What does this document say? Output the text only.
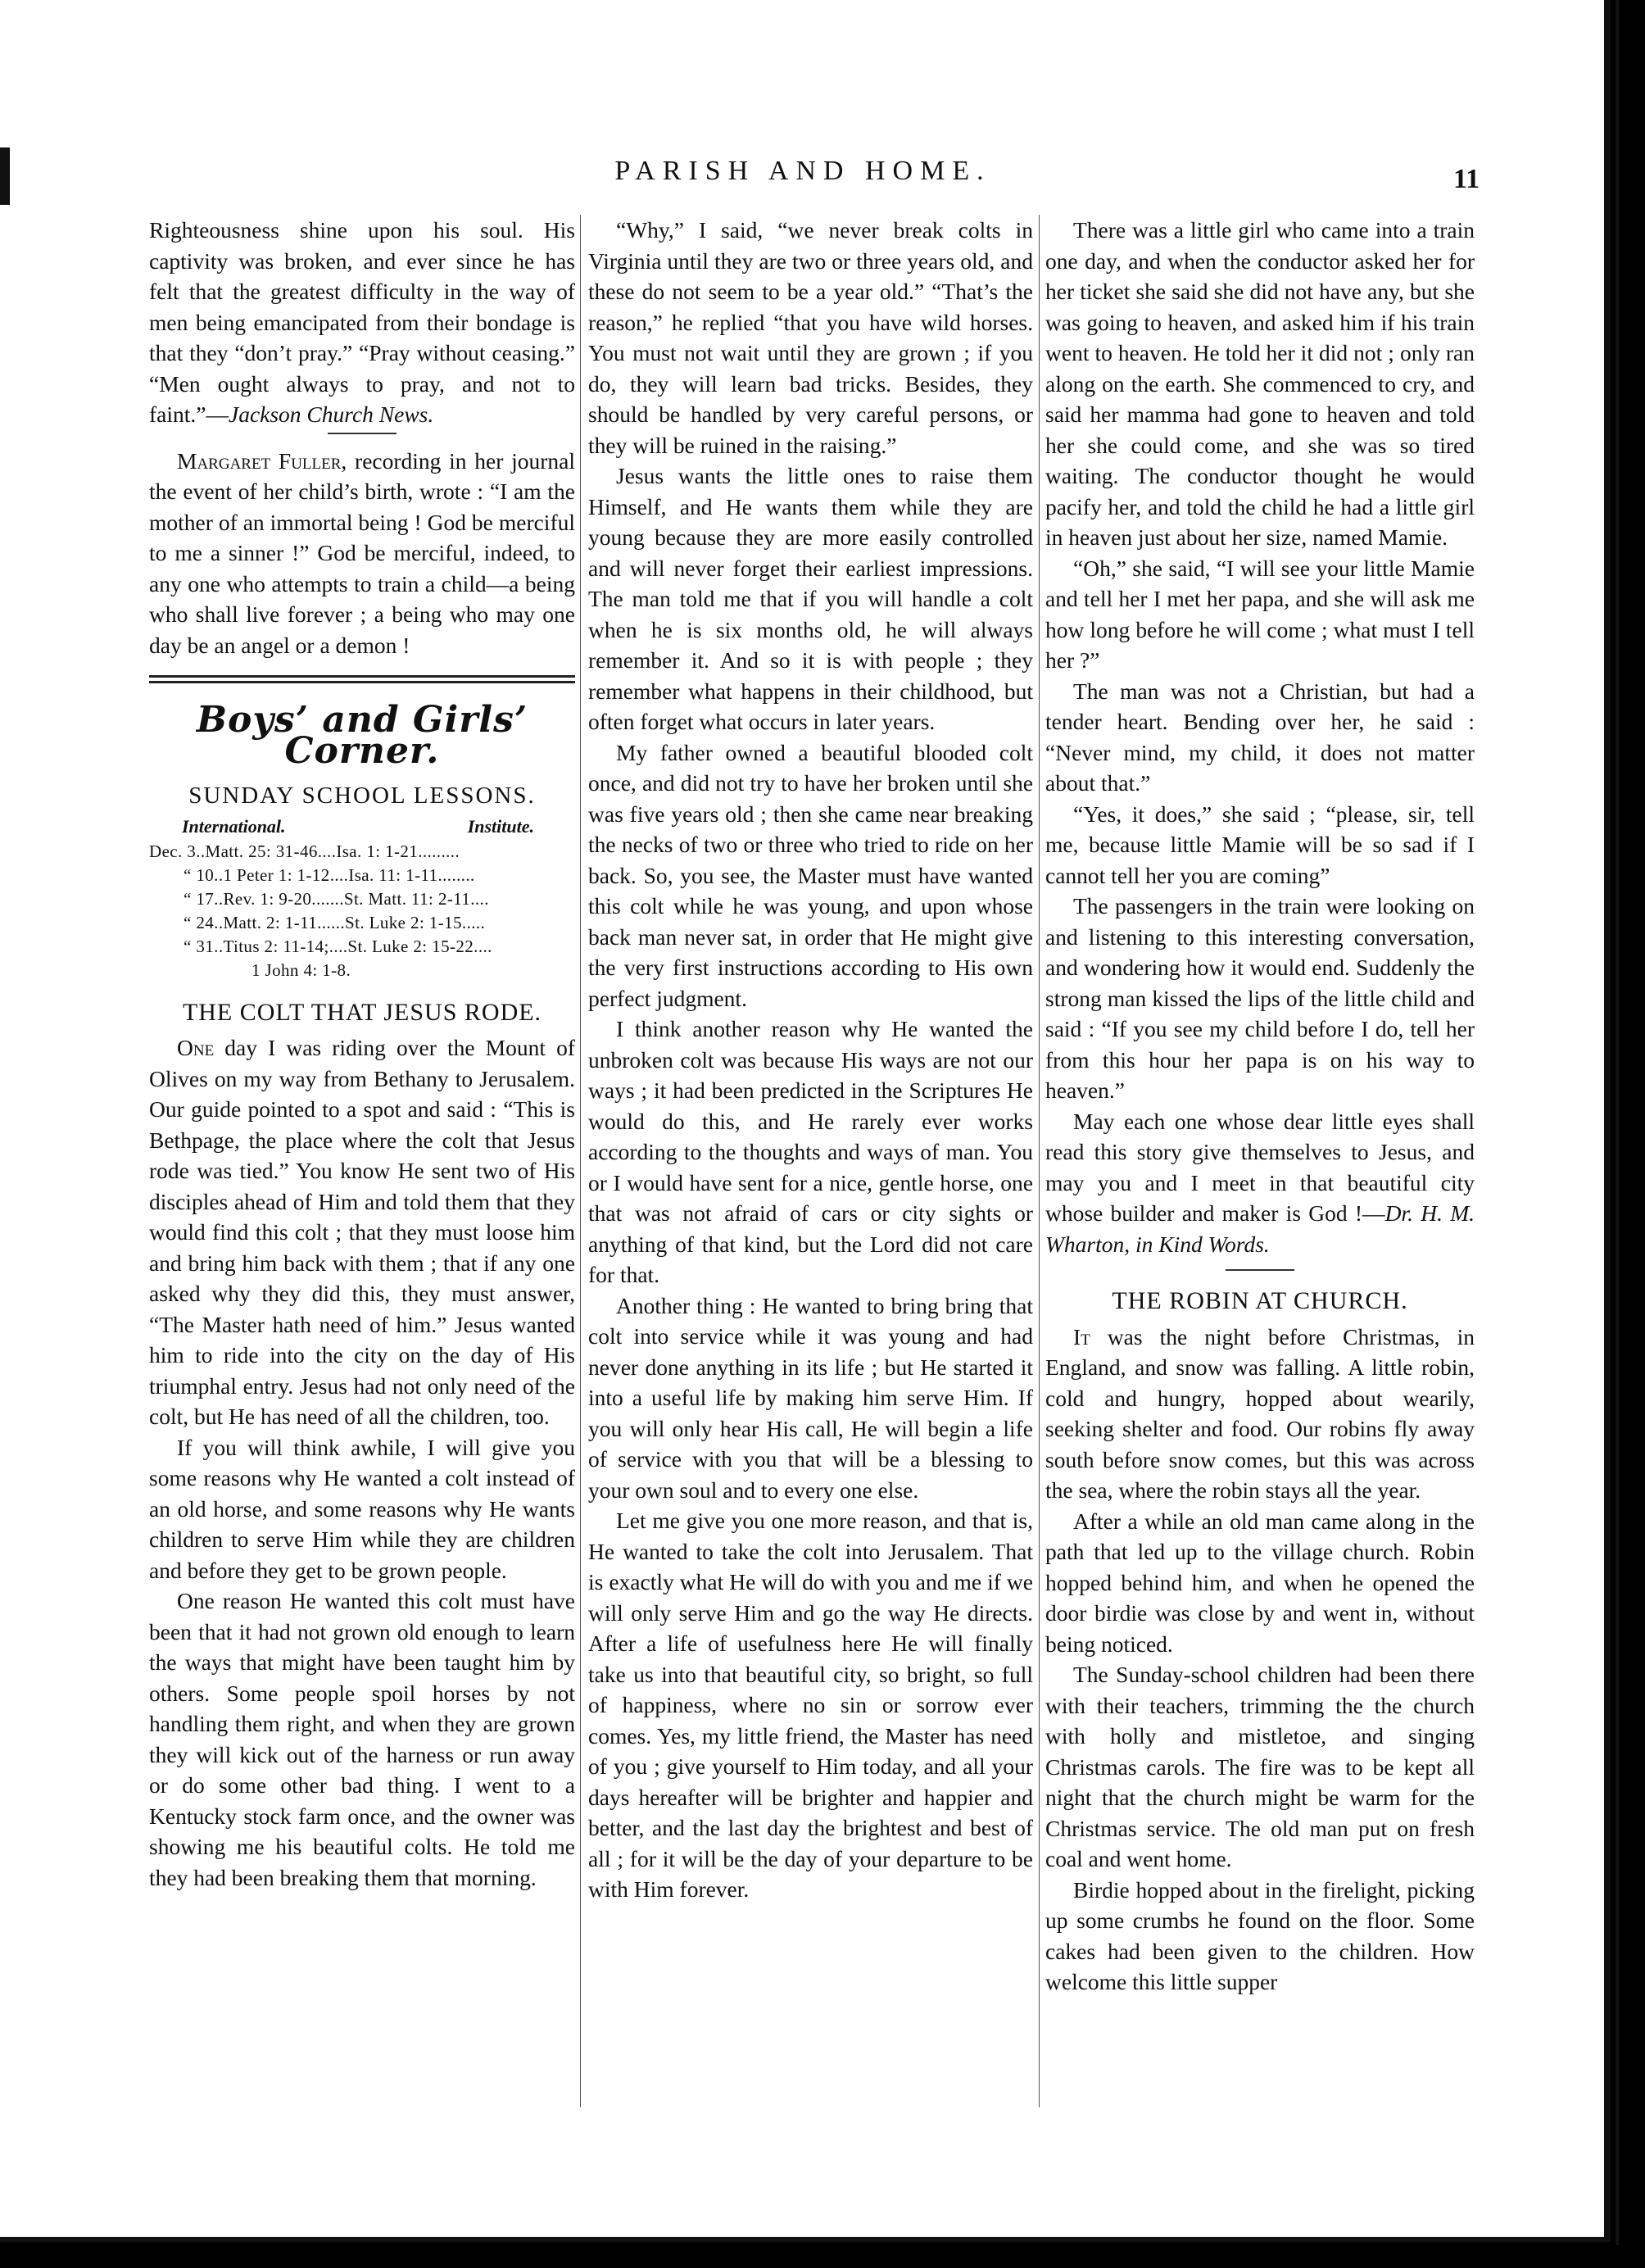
PARISH AND HOME.	11

Righteousness shine upon his soul. His captivity was broken, and ever since he has felt that the greatest difficulty in the way of men being emancipated from their bondage is that they “don’t pray.” “Pray without ceasing.” “Men ought always to pray, and not to faint.”—Jackson Church News.

Margaret Fuller, recording in her journal the event of her child’s birth, wrote : “I am the mother of an immortal being ! God be merciful to me a sinner !” God be merciful, indeed, to any one who attempts to train a child—a being who shall live forever ; a being who may one day be an angel or a demon !

Boys’ and Girls’ Corner.
SUNDAY SCHOOL LESSONS.
International.	Institute.
Dec. 3..Matt. 25: 31-46....Isa. 1: 1-21.........
“ 10..1 Peter 1: 1-12....Isa. 11: 1-11........
“ 17..Rev. 1: 9-20.......St. Matt. 11: 2-11....
“ 24..Matt. 2: 1-11......St. Luke 2: 1-15.....
“ 31..Titus 2: 11-14;....St. Luke 2: 15-22....
1 John 4: 1-8.
THE COLT THAT JESUS RODE.

One day I was riding over the Mount of Olives on my way from Bethany to Jerusalem. Our guide pointed to a spot and said : “This is Bethpage, the place where the colt that Jesus rode was tied.” You know He sent two of His disciples ahead of Him and told them that they would find this colt ; that they must loose him and bring him back with them ; that if any one asked why they did this, they must answer, “The Master hath need of him.” Jesus wanted him to ride into the city on the day of His triumphal entry. Jesus had not only need of the colt, but He has need of all the children, too.

If you will think awhile, I will give you some reasons why He wanted a colt instead of an old horse, and some reasons why He wants children to serve Him while they are children and before they get to be grown people.

One reason He wanted this colt must have been that it had not grown old enough to learn the ways that might have been taught him by others. Some people spoil horses by not handling them right, and when they are grown they will kick out of the harness or run away or do some other bad thing. I went to a Kentucky stock farm once, and the owner was showing me his beautiful colts. He told me they had been breaking them that morning.

“Why,” I said, “we never break colts in Virginia until they are two or three years old, and these do not seem to be a year old.” “That’s the reason,” he replied “that you have wild horses. You must not wait until they are grown ; if you do, they will learn bad tricks. Besides, they should be handled by very careful persons, or they will be ruined in the raising.”

Jesus wants the little ones to raise them Himself, and He wants them while they are young because they are more easily controlled and will never forget their earliest impressions. The man told me that if you will handle a colt when he is six months old, he will always remember it. And so it is with people ; they remember what happens in their childhood, but often forget what occurs in later years.

My father owned a beautiful blooded colt once, and did not try to have her broken until she was five years old ; then she came near breaking the necks of two or three who tried to ride on her back. So, you see, the Master must have wanted this colt while he was young, and upon whose back man never sat, in order that He might give the very first instructions according to His own perfect judgment.

I think another reason why He wanted the unbroken colt was because His ways are not our ways ; it had been predicted in the Scriptures He would do this, and He rarely ever works according to the thoughts and ways of man. You or I would have sent for a nice, gentle horse, one that was not afraid of cars or city sights or anything of that kind, but the Lord did not care for that.

Another thing : He wanted to bring bring that colt into service while it was young and had never done anything in its life ; but He started it into a useful life by making him serve Him. If you will only hear His call, He will begin a life of service with you that will be a blessing to your own soul and to every one else.

Let me give you one more reason, and that is, He wanted to take the colt into Jerusalem. That is exactly what He will do with you and me if we will only serve Him and go the way He directs. After a life of usefulness here He will finally take us into that beautiful city, so bright, so full of happiness, where no sin or sorrow ever comes. Yes, my little friend, the Master has need of you ; give yourself to Him today, and all your days hereafter will be brighter and happier and better, and the last day the brightest and best of all ; for it will be the day of your departure to be with Him forever.

There was a little girl who came into a train one day, and when the conductor asked her for her ticket she said she did not have any, but she was going to heaven, and asked him if his train went to heaven. He told her it did not ; only ran along on the earth. She commenced to cry, and said her mamma had gone to heaven and told her she could come, and she was so tired waiting. The conductor thought he would pacify her, and told the child he had a little girl in heaven just about her size, named Mamie.

“Oh,” she said, “I will see your little Mamie and tell her I met her papa, and she will ask me how long before he will come ; what must I tell her ?”

The man was not a Christian, but had a tender heart. Bending over her, he said : “Never mind, my child, it does not matter about that.”

“Yes, it does,” she said ; “please, sir, tell me, because little Mamie will be so sad if I cannot tell her you are coming”

The passengers in the train were looking on and listening to this interesting conversation, and wondering how it would end. Suddenly the strong man kissed the lips of the little child and said : “If you see my child before I do, tell her from this hour her papa is on his way to heaven.”

May each one whose dear little eyes shall read this story give themselves to Jesus, and may you and I meet in that beautiful city whose builder and maker is God !—Dr. H. M. Wharton, in Kind Words.

THE ROBIN AT CHURCH.

It was the night before Christmas, in England, and snow was falling. A little robin, cold and hungry, hopped about wearily, seeking shelter and food. Our robins fly away south before snow comes, but this was across the sea, where the robin stays all the year.

After a while an old man came along in the path that led up to the village church. Robin hopped behind him, and when he opened the door birdie was close by and went in, without being noticed.

The Sunday-school children had been there with their teachers, trimming the the church with holly and mistletoe, and singing Christmas carols. The fire was to be kept all night that the church might be warm for the Christmas service. The old man put on fresh coal and went home.

Birdie hopped about in the firelight, picking up some crumbs he found on the floor. Some cakes had been given to the children. How welcome this little supper
